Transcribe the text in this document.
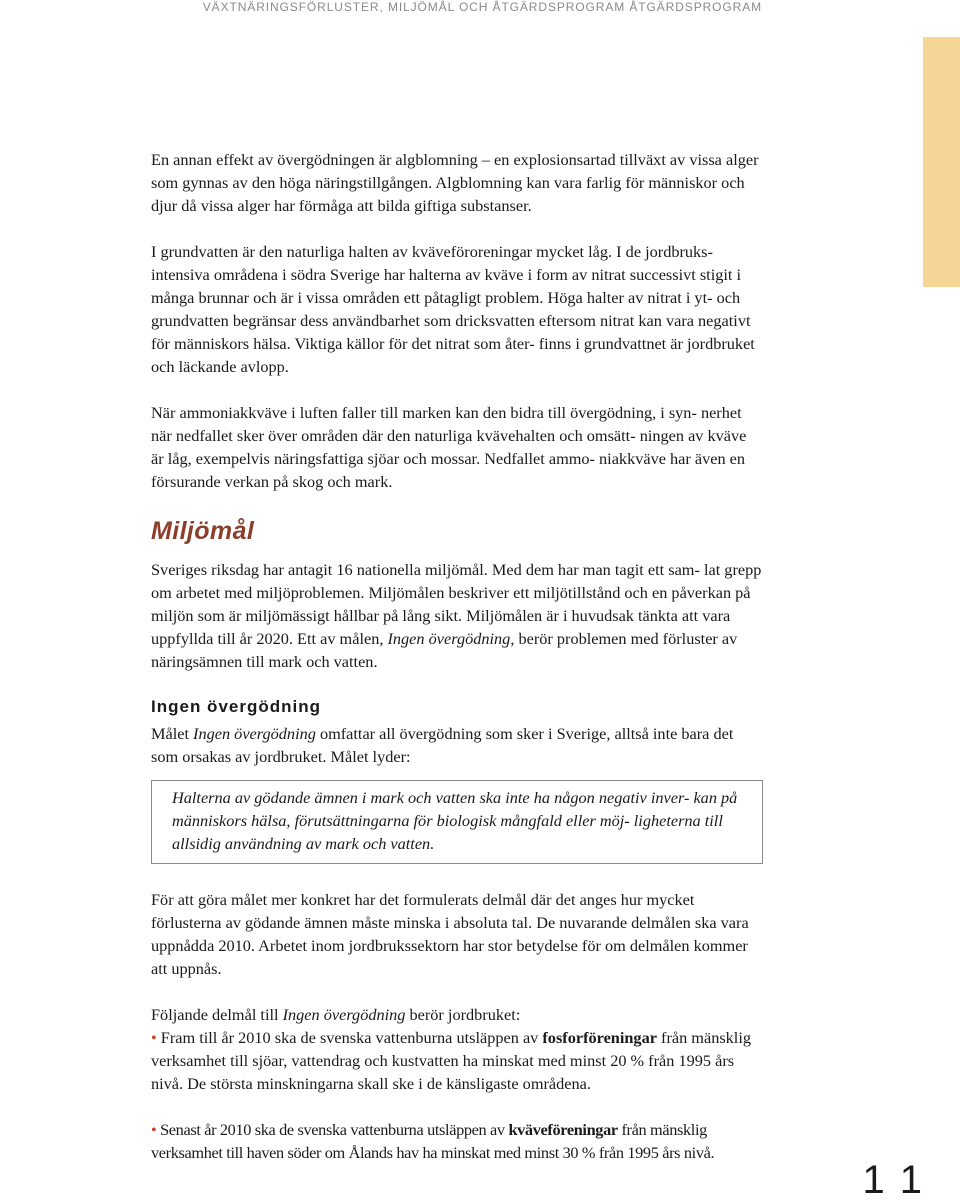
VÄXTNÄRINGSFÖRLUSTER, MILJÖMÅL OCH ÅTGÄRDSPROGRAM ÅTGÄRDSPROGRAM

En annan effekt av övergödningen är algblomning – en explosionsartad tillväxt av vissa alger som gynnas av den höga näringstillgången. Algblomning kan vara farlig för människor och djur då vissa alger har förmåga att bilda giftiga substanser.

I grundvatten är den naturliga halten av kväveföroreningar mycket låg. I de jordbruks- intensiva områdena i södra Sverige har halterna av kväve i form av nitrat successivt stigit i många brunnar och är i vissa områden ett påtagligt problem. Höga halter av nitrat i yt- och grundvatten begränsar dess användbarhet som dricksvatten eftersom nitrat kan vara negativt för människors hälsa. Viktiga källor för det nitrat som åter- finns i grundvattnet är jordbruket och läckande avlopp.

När ammoniakkväve i luften faller till marken kan den bidra till övergödning, i syn- nerhet när nedfallet sker över områden där den naturliga kvävehalten och omsätt- ningen av kväve är låg, exempelvis näringsfattiga sjöar och mossar. Nedfallet ammo- niakkväve har även en försurande verkan på skog och mark.

Miljömål

Sveriges riksdag har antagit 16 nationella miljömål. Med dem har man tagit ett sam- lat grepp om arbetet med miljöproblemen. Miljömålen beskriver ett miljötillstånd och en påverkan på miljön som är miljömässigt hållbar på lång sikt. Miljömålen är i huvudsak tänkta att vara uppfyllda till år 2020. Ett av målen, Ingen övergödning, berör problemen med förluster av näringsämnen till mark och vatten.

Ingen övergödning

Målet Ingen övergödning omfattar all övergödning som sker i Sverige, alltså inte bara det som orsakas av jordbruket. Målet lyder:

Halterna av gödande ämnen i mark och vatten ska inte ha någon negativ inver- kan på människors hälsa, förutsättningarna för biologisk mångfald eller möj- ligheterna till allsidig användning av mark och vatten.

För att göra målet mer konkret har det formulerats delmål där det anges hur mycket förlusterna av gödande ämnen måste minska i absoluta tal. De nuvarande delmålen ska vara uppnådda 2010. Arbetet inom jordbrukssektorn har stor betydelse för om delmålen kommer att uppnås.

Följande delmål till Ingen övergödning berör jordbruket:

• Fram till år 2010 ska de svenska vattenburna utsläppen av fosforföreningar från mänsklig verksamhet till sjöar, vattendrag och kustvatten ha minskat med minst 20 % från 1995 års nivå. De största minskningarna skall ske i de känsligaste områdena.

• Senast år 2010 ska de svenska vattenburna utsläppen av kväveföreningar från mänsklig verksamhet till haven söder om Ålands hav ha minskat med minst 30 % från 1995 års nivå.

11
